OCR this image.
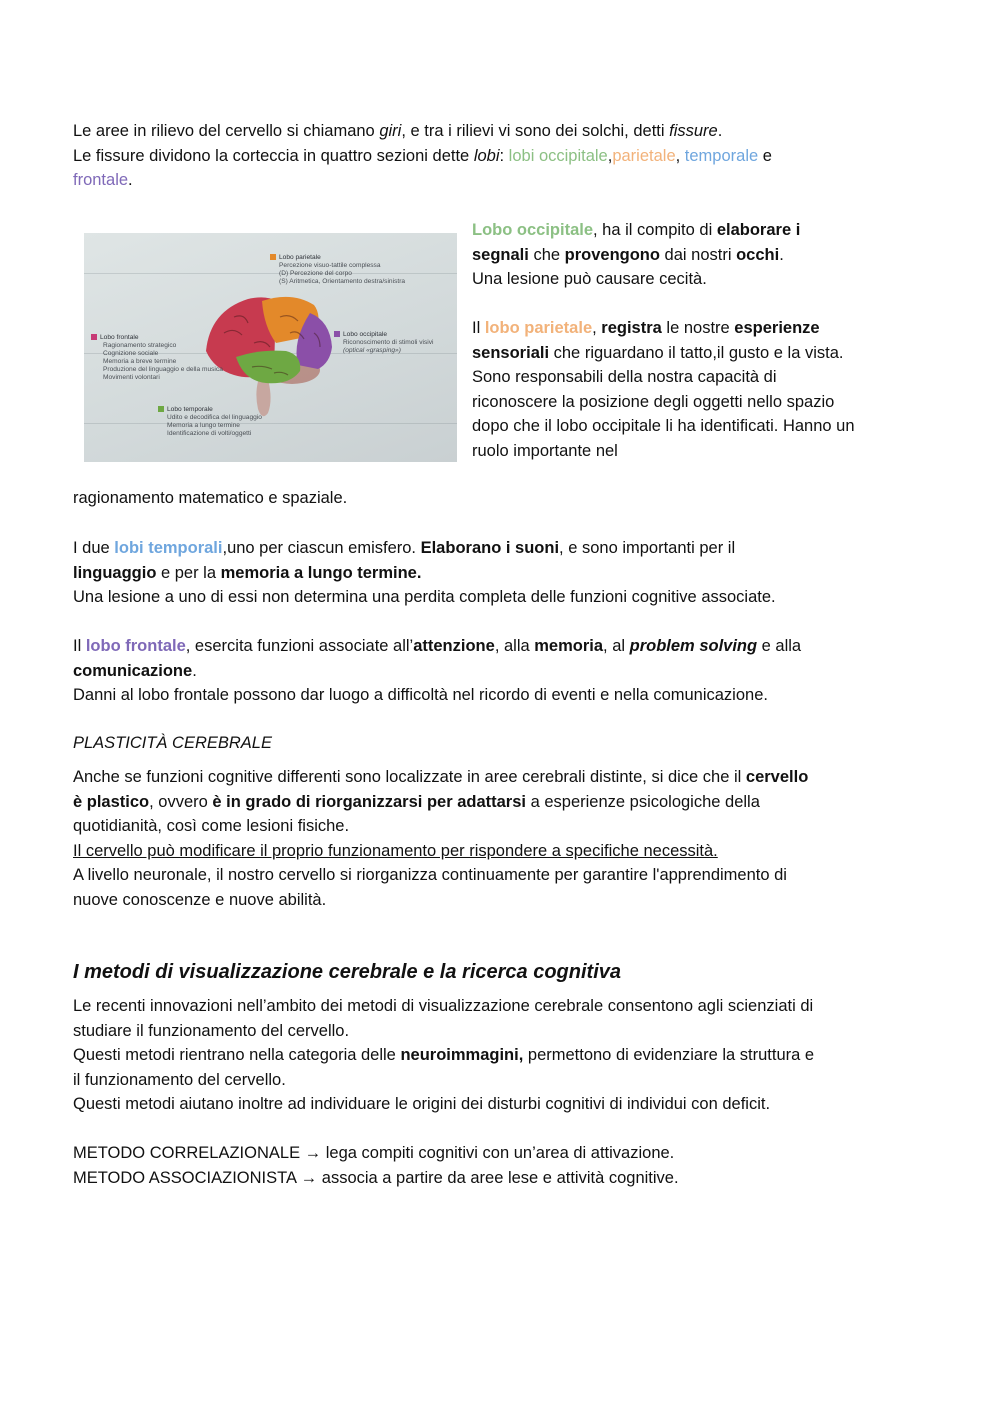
Le aree in rilievo del cervello si chiamano giri, e tra i rilievi vi sono dei solchi, detti fissure.

Le fissure dividono la corteccia in quattro sezioni dette lobi: lobi occipitale,parietale, temporale e
frontale.

Lobo parietale
Percezione visuo-tattile complessa
(D) Percezione del corpo
(S) Aritmetica, Orientamento destra/sinistra
Lobo frontale
Ragionamento strategico
Cognizione sociale
Memoria a breve termine
Produzione del linguaggio e della musica
Movimenti volontari
Lobo occipitale
Riconoscimento di stimoli visivi
(optical «grasping»)
Lobo temporale
Udito e decodifica del linguaggio
Memoria a lungo termine
Identificazione di volti/oggetti

Lobo occipitale, ha il compito di elaborare i

segnali che provengono dai nostri occhi.

Una lesione può causare cecità.

Il lobo parietale, registra le nostre esperienze

sensoriali che riguardano il tatto,il gusto e la vista.

Sono responsabili della nostra capacità di

riconoscere la posizione degli oggetti nello spazio

dopo che il lobo occipitale li ha identificati. Hanno un

ruolo importante nel

ragionamento matematico e spaziale.

I due lobi temporali,uno per ciascun emisfero. Elaborano i suoni, e sono importanti per il

linguaggio e per la memoria a lungo termine.

Una lesione a uno di essi non determina una perdita completa delle funzioni cognitive associate.

Il lobo frontale, esercita funzioni associate all’attenzione, alla memoria, al problem solving e alla

comunicazione.

Danni al lobo frontale possono dar luogo a difficoltà nel ricordo di eventi e nella comunicazione.

PLASTICITÀ CEREBRALE

Anche se funzioni cognitive differenti sono localizzate in aree cerebrali distinte, si dice che il cervello

è plastico, ovvero è in grado di riorganizzarsi per adattarsi a esperienze psicologiche della

quotidianità, così come lesioni fisiche.

Il cervello può modificare il proprio funzionamento per rispondere a specifiche necessità.

A livello neuronale, il nostro cervello si riorganizza continuamente per garantire l'apprendimento di

nuove conoscenze e nuove abilità.

I metodi di visualizzazione cerebrale e la ricerca cognitiva

Le recenti innovazioni nell’ambito dei metodi di visualizzazione cerebrale consentono agli scienziati di

studiare il funzionamento del cervello.

Questi metodi rientrano nella categoria delle neuroimmagini, permettono di evidenziare la struttura e

il funzionamento del cervello.

Questi metodi aiutano inoltre ad individuare le origini dei disturbi cognitivi di individui con deficit.

METODO CORRELAZIONALE → lega compiti cognitivi con un’area di attivazione.

METODO ASSOCIAZIONISTA → associa a partire da aree lese e attività cognitive.
